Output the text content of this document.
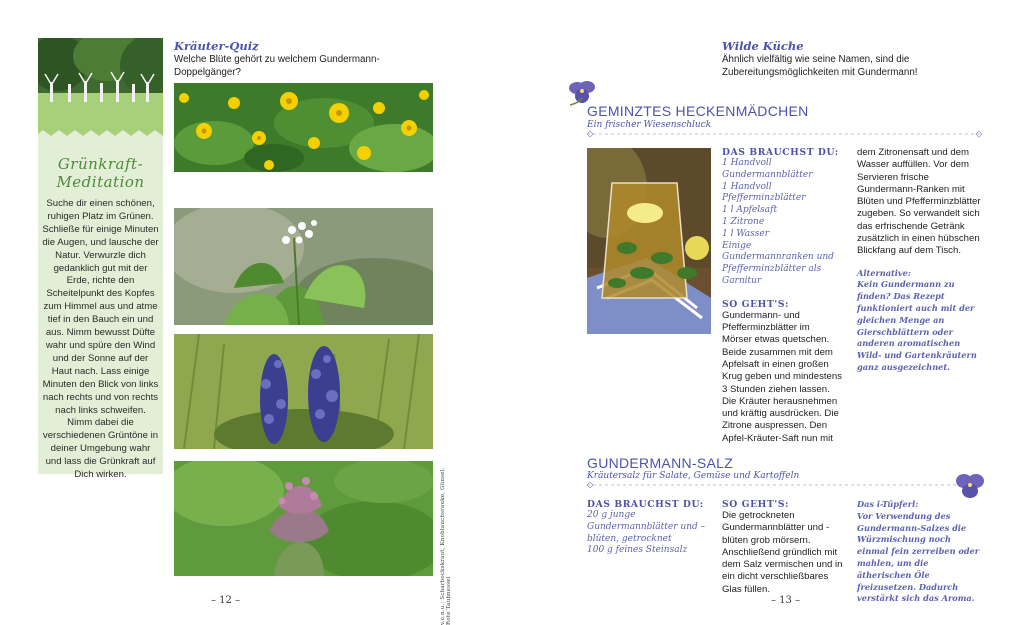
Grünkraft-
Meditation
Suche dir einen schönen, ruhigen Platz im Grünen. Schließe für einige Minuten die Augen, und lausche der Natur. Verwurzle dich gedanklich gut mit der Erde, richte den Scheitelpunkt des Kopfes zum Himmel aus und atme tief in den Bauch ein und aus. Nimm bewusst Düfte wahr und spüre den Wind und der Sonne auf der Haut nach. Lass einige Minuten den Blick von links nach rechts und von rechts nach links schweifen. Nimm dabei die verschiedenen Grüntöne in deiner Umgebung wahr und lass die Grünkraft auf Dich wirken.
Kräuter-Quiz
Welche Blüte gehört zu welchem Gundermann-Doppelgänger?
v.o.n.u.: Scharbockskraut, Knoblauchsrauke, Günsel, Rote Taubnessel
– 12 –
Wilde Küche
Ähnlich vielfältig wie seine Namen, sind die Zubereitungsmöglichkeiten mit Gundermann!
GEMINZTES HECKENMÄDCHEN
Ein frischer Wiesenschluck
DAS BRAUCHST DU:
1 Handvoll Gundermannblätter
1 Handvoll Pfefferminzblätter
1 l Apfelsaft
1 Zitrone
1 l Wasser
Einige Gundermannranken und Pfefferminzblätter als Garnitur
SO GEHT'S:
Gundermann- und Pfefferminzblätter im Mörser etwas quetschen. Beide zusammen mit dem Apfelsaft in einen großen Krug geben und mindestens 3 Stunden ziehen lassen. Die Kräuter herausnehmen und kräftig ausdrücken. Die Zitrone auspressen. Den Apfel-Kräuter-Saft nun mit
dem Zitronensaft und dem Wasser auffüllen. Vor dem Servieren frische Gundermann-Ranken mit Blüten und Pfefferminzblätter zugeben. So verwandelt sich das erfrischende Getränk zusätzlich in einen hübschen Blickfang auf dem Tisch.
Alternative:
Kein Gundermann zu finden? Das Rezept funktioniert auch mit der gleichen Menge an Gierschblättern oder anderen aromatischen Wild- und Gartenkräutern ganz ausgezeichnet.
GUNDERMANN-SALZ
Kräutersalz für Salate, Gemüse und Kartoffeln
DAS BRAUCHST DU:
20 g junge Gundermannblätter und –blüten, getrocknet
100 g feines Steinsalz
SO GEHT'S:
Die getrockneten Gundermannblätter und -blüten grob mörsern. Anschließend gründlich mit dem Salz vermischen und in ein dicht verschließbares Glas füllen.
Das i-Tüpferl:
Vor Verwendung des Gundermann-Salzes die Würzmischung noch einmal fein zerreiben oder mahlen, um die ätherischen Öle freizusetzen. Dadurch verstärkt sich das Aroma.
– 13 –
